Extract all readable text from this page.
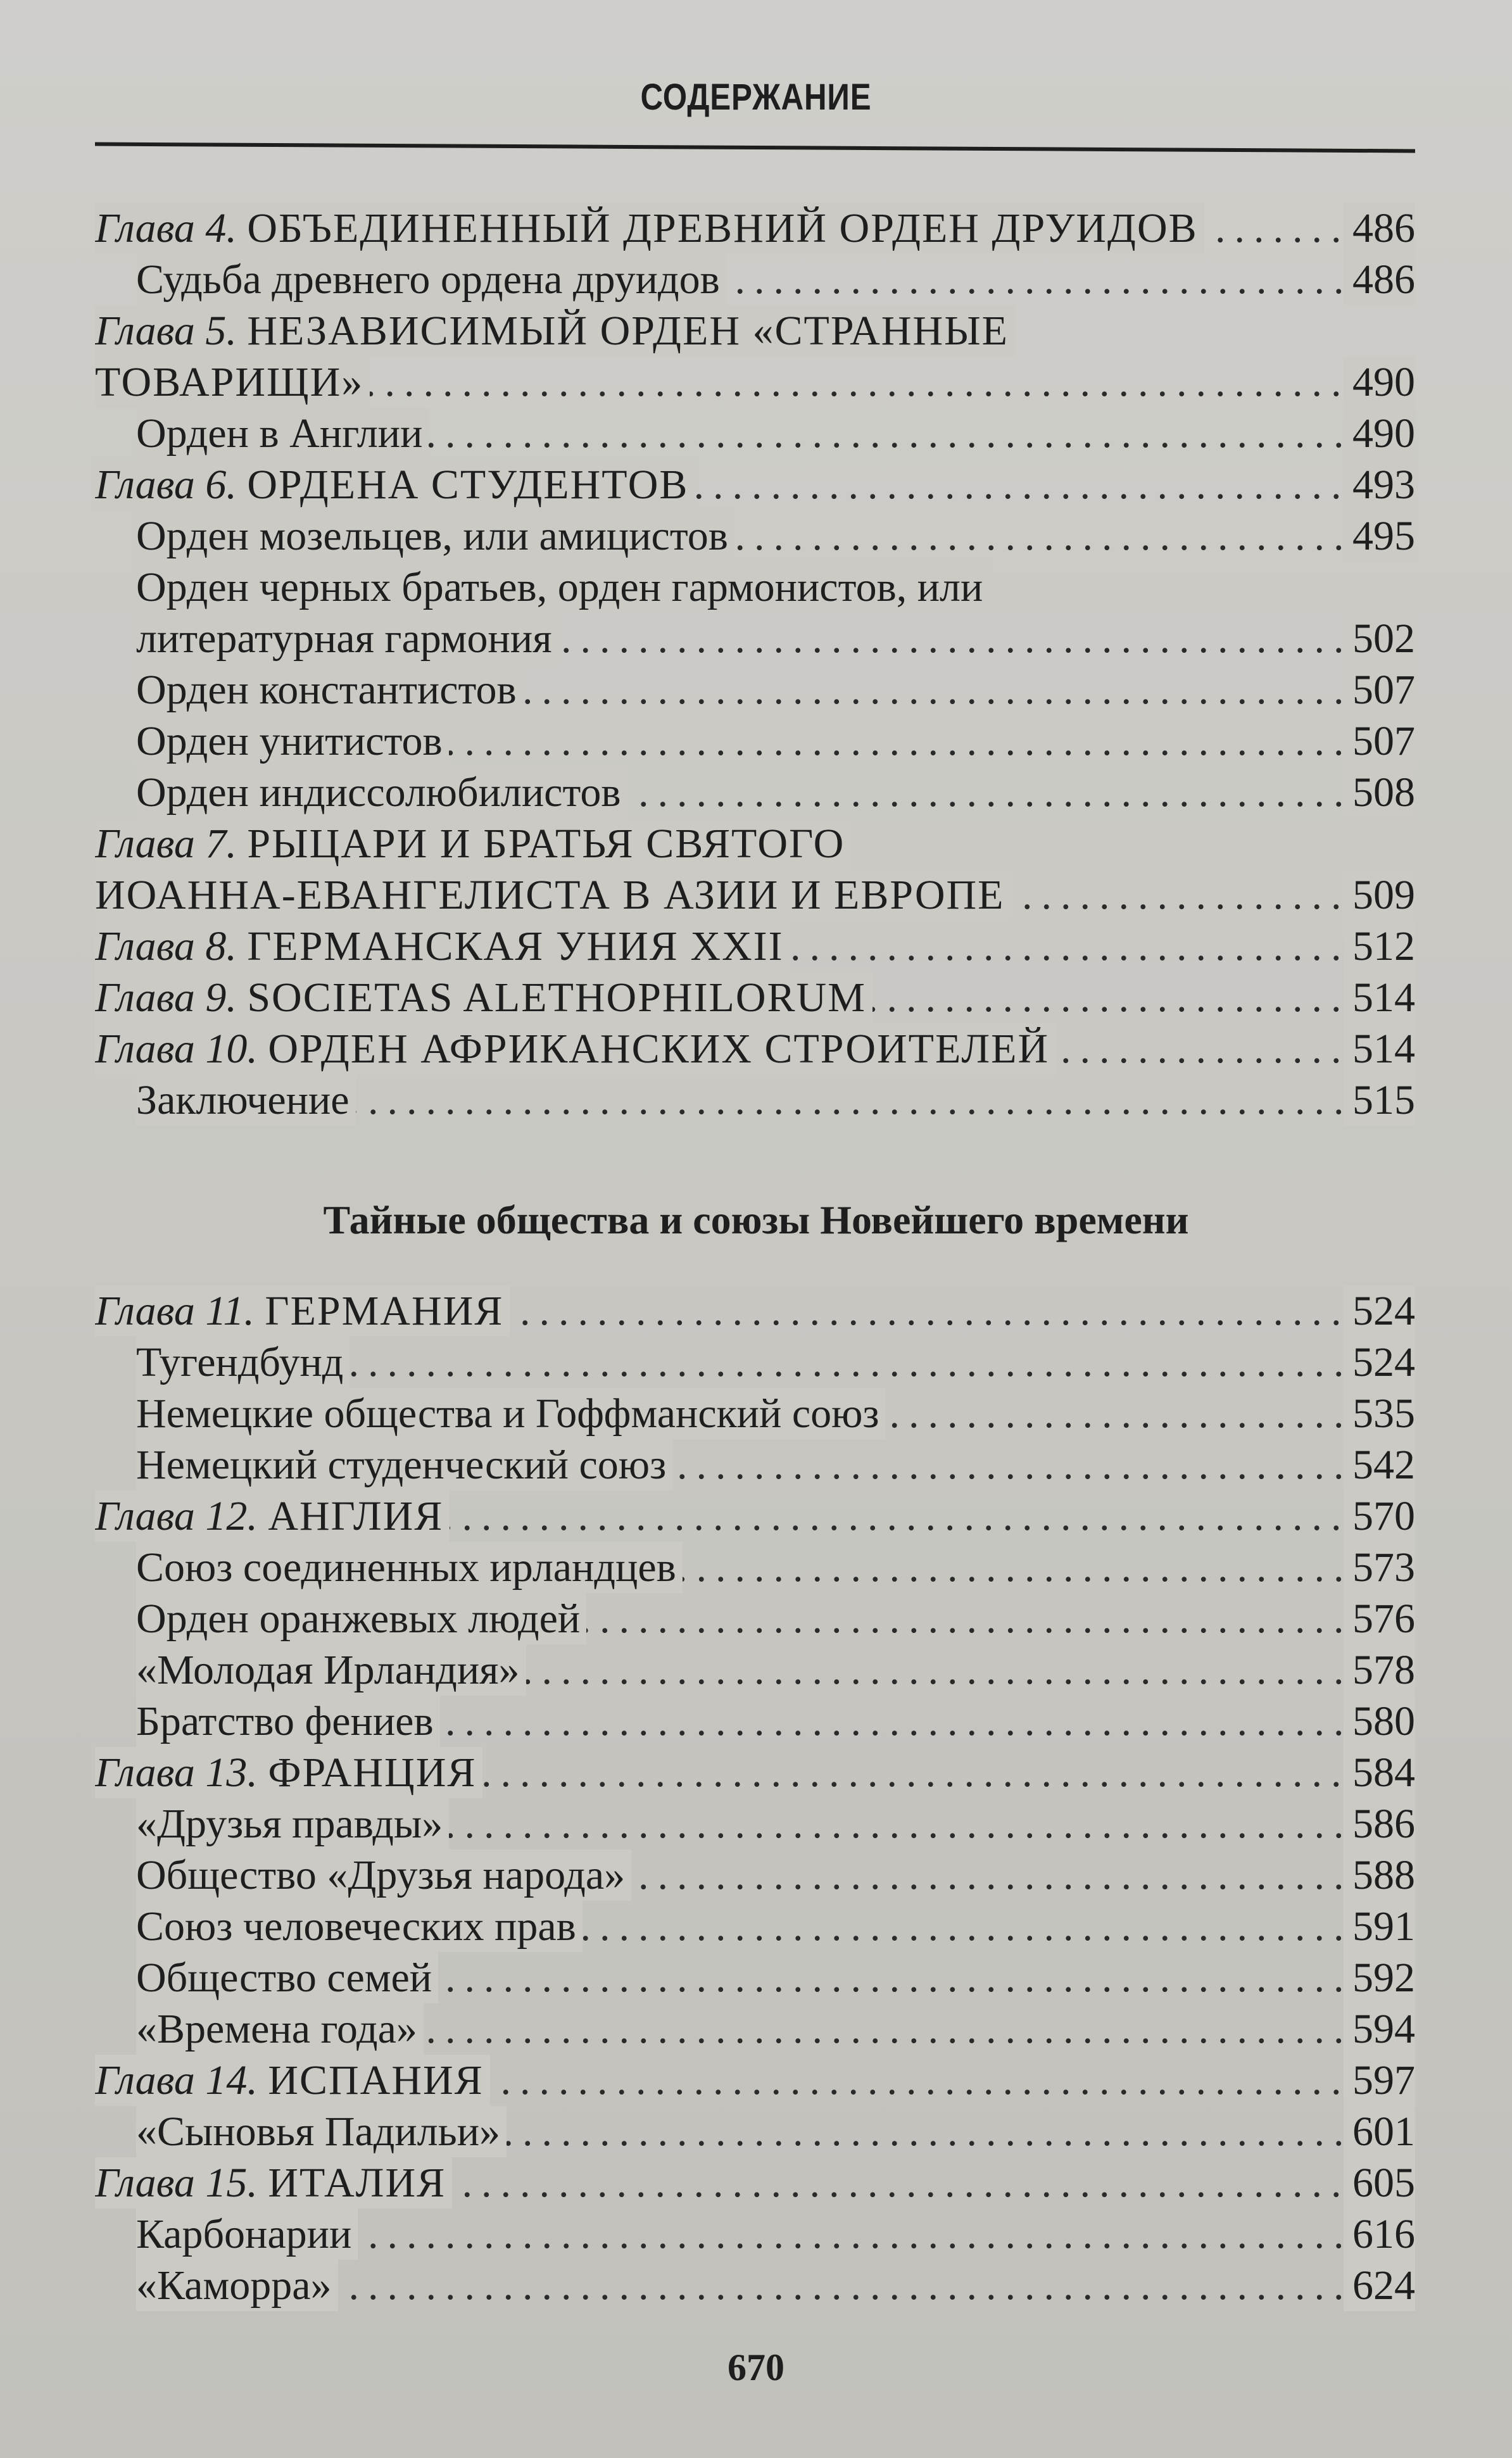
СОДЕРЖАНИЕ
.....
Глава 4. ОБЪЕДИНЕННЫЙ ДРЕВНИЙ ОРДЕН ДРУИДОВ	486
.....
Судьба древнего ордена друидов	486
Глава 5. НЕЗАВИСИМЫЙ ОРДЕН «СТРАННЫЕ
.....
ТОВАРИЩИ»	490
.....
Орден в Англии	490
.....
Глава 6. ОРДЕНА СТУДЕНТОВ	493
.....
Орден мозельцев, или амицистов	495
Орден черных братьев, орден гармонистов, или
.....
литературная гармония	502
.....
Орден константистов	507
.....
Орден унитистов	507
.....
Орден индиссолюбилистов	508
Глава 7. РЫЦАРИ И БРАТЬЯ СВЯТОГО
.....
ИОАННА-ЕВАНГЕЛИСТА В АЗИИ И ЕВРОПЕ	509
.....
Глава 8. ГЕРМАНСКАЯ УНИЯ XXII	512
.....
Глава 9. SOCIETAS ALETHOPHILORUM	514
.....
Глава 10. ОРДЕН АФРИКАНСКИХ СТРОИТЕЛЕЙ	514
.....
Заключение	515
Тайные общества и союзы Новейшего времени
.....
Глава 11. ГЕРМАНИЯ	524
.....
Тугендбунд	524
.....
Немецкие общества и Гоффманский союз	535
.....
Немецкий студенческий союз	542
.....
Глава 12. АНГЛИЯ	570
.....
Союз соединенных ирландцев	573
.....
Орден оранжевых людей	576
.....
«Молодая Ирландия»	578
.....
Братство фениев	580
.....
Глава 13. ФРАНЦИЯ	584
.....
«Друзья правды»	586
.....
Общество «Друзья народа»	588
.....
Союз человеческих прав	591
.....
Общество семей	592
.....
«Времена года»	594
.....
Глава 14. ИСПАНИЯ	597
.....
«Сыновья Падильи»	601
.....
Глава 15. ИТАЛИЯ	605
.....
Карбонарии	616
.....
«Каморра»	624
670
